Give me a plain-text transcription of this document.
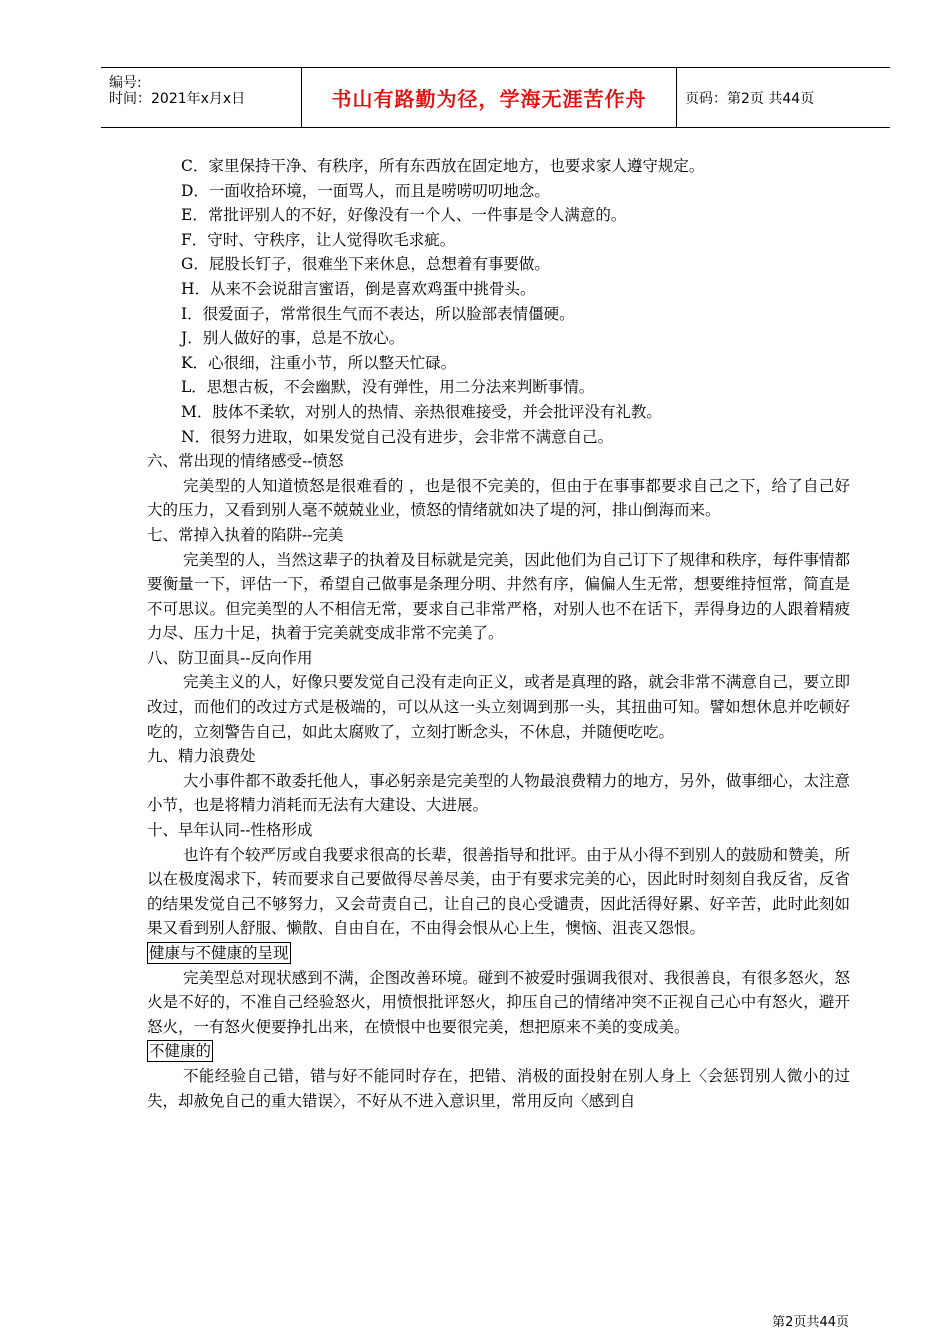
编号:
时间：2021年x月x日	书山有路勤为径，学海无涯苦作舟	页码：第2页 共44页
C．家里保持干净、有秩序，所有东西放在固定地方，也要求家人遵守规定。
D．一面收拾环境，一面骂人，而且是唠唠叨叨地念。
E．常批评别人的不好，好像没有一个人、一件事是令人满意的。
F．守时、守秩序，让人觉得吹毛求疵。
G．屁股长钉子，很难坐下来休息，总想着有事要做。
H．从来不会说甜言蜜语，倒是喜欢鸡蛋中挑骨头。
I．很爱面子，常常很生气而不表达，所以脸部表情僵硬。
J．别人做好的事，总是不放心。
K．心很细，注重小节，所以整天忙碌。
L．思想古板，不会幽默，没有弹性，用二分法来判断事情。
M．肢体不柔软，对别人的热情、亲热很难接受，并会批评没有礼教。
N．很努力进取，如果发觉自己没有进步，会非常不满意自己。
六、常出现的情绪感受--愤怒

完美型的人知道愤怒是很难看的 ，也是很不完美的，但由于在事事都要求自己之下，给了自己好大的压力，又看到别人毫不兢兢业业，愤怒的情绪就如决了堤的河，排山倒海而来。

七、常掉入执着的陷阱--完美

完美型的人，当然这辈子的执着及目标就是完美，因此他们为自己订下了规律和秩序，每件事情都要衡量一下，评估一下，希望自己做事是条理分明、井然有序，偏偏人生无常，想要维持恒常，简直是不可思议。但完美型的人不相信无常，要求自己非常严格，对别人也不在话下，弄得身边的人跟着精疲力尽、压力十足，执着于完美就变成非常不完美了。

八、防卫面具--反向作用

完美主义的人，好像只要发觉自己没有走向正义，或者是真理的路，就会非常不满意自己，要立即改过，而他们的改过方式是极端的，可以从这一头立刻调到那一头，其扭曲可知。譬如想休息并吃顿好吃的，立刻警告自己，如此太腐败了，立刻打断念头，不休息，并随便吃吃。

九、精力浪费处

大小事件都不敢委托他人，事必躬亲是完美型的人物最浪费精力的地方，另外，做事细心，太注意小节，也是将精力消耗而无法有大建设、大进展。

十、早年认同--性格形成

也许有个较严厉或自我要求很高的长辈，很善指导和批评。由于从小得不到别人的鼓励和赞美，所以在极度渴求下，转而要求自己要做得尽善尽美，由于有要求完美的心，因此时时刻刻自我反省，反省的结果发觉自己不够努力，又会苛责自己，让自己的良心受谴责，因此活得好累、好辛苦，此时此刻如果又看到别人舒服、懒散、自由自在，不由得会恨从心上生，懊恼、沮丧又怨恨。

健康与不健康的呈现

完美型总对现状感到不满，企图改善环境。碰到不被爱时强调我很对、我很善良，有很多怒火，怒火是不好的，不准自己经验怒火，用愤恨批评怒火，抑压自己的情绪冲突不正视自己心中有怒火，避开怒火，一有怒火便要挣扎出来，在愤恨中也要很完美，想把原来不美的变成美。

不健康的

不能经验自己错，错与好不能同时存在，把错、消极的面投射在别人身上〈会惩罚别人微小的过失，却赦免自己的重大错误〉，不好从不进入意识里，常用反向〈感到自

第2页共44页
